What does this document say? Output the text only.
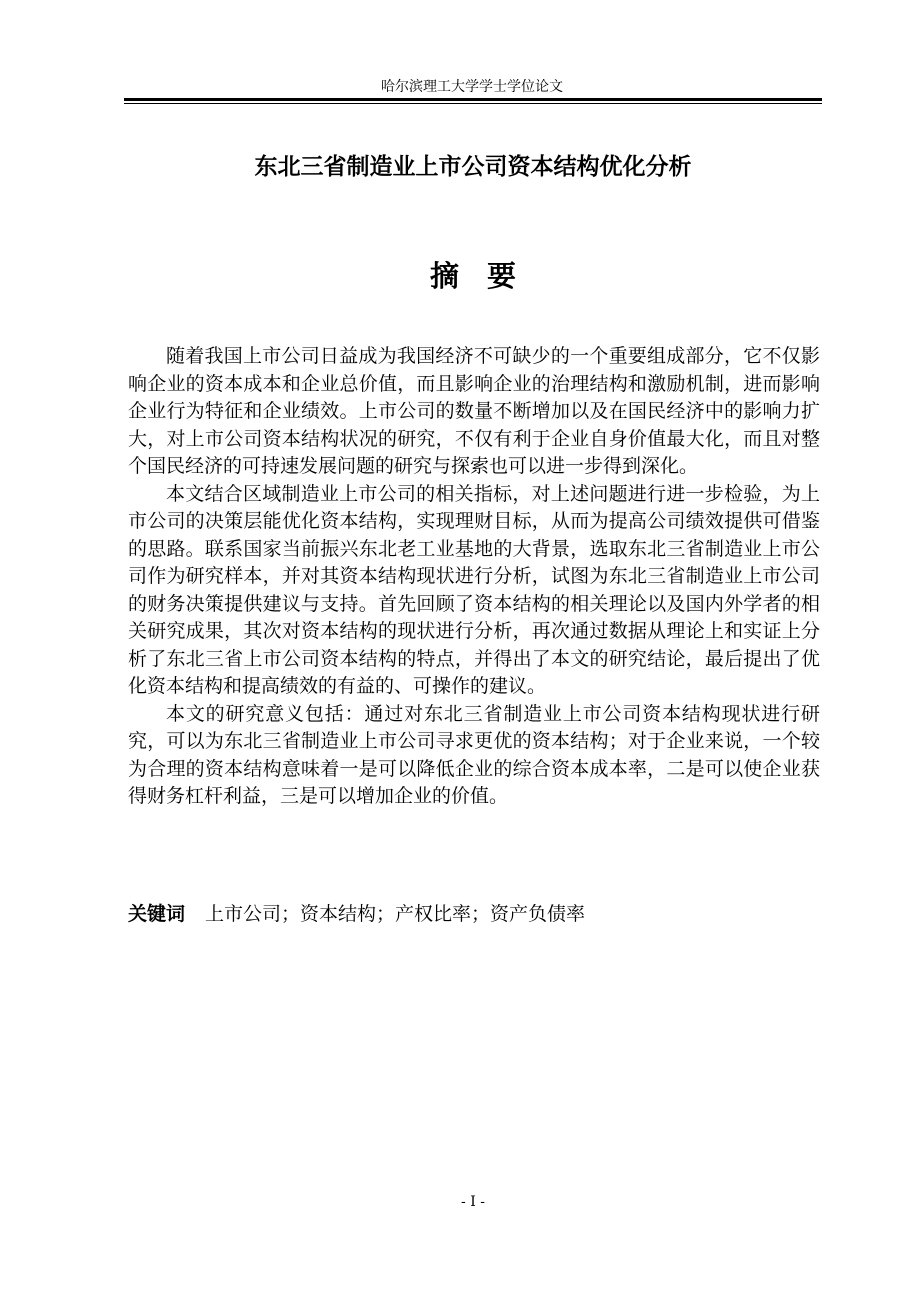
哈尔滨理工大学学士学位论文
东北三省制造业上市公司资本结构优化分析
摘要

随着我国上市公司日益成为我国经济不可缺少的一个重要组成部分，它不仅影响企业的资本成本和企业总价值，而且影响企业的治理结构和激励机制，进而影响企业行为特征和企业绩效。上市公司的数量不断增加以及在国民经济中的影响力扩大，对上市公司资本结构状况的研究，不仅有利于企业自身价值最大化，而且对整个国民经济的可持速发展问题的研究与探索也可以进一步得到深化。

本文结合区域制造业上市公司的相关指标，对上述问题进行进一步检验，为上市公司的决策层能优化资本结构，实现理财目标，从而为提高公司绩效提供可借鉴的思路。联系国家当前振兴东北老工业基地的大背景，选取东北三省制造业上市公司作为研究样本，并对其资本结构现状进行分析，试图为东北三省制造业上市公司的财务决策提供建议与支持。首先回顾了资本结构的相关理论以及国内外学者的相关研究成果，其次对资本结构的现状进行分析，再次通过数据从理论上和实证上分析了东北三省上市公司资本结构的特点，并得出了本文的研究结论，最后提出了优化资本结构和提高绩效的有益的、可操作的建议。

本文的研究意义包括：通过对东北三省制造业上市公司资本结构现状进行研究，可以为东北三省制造业上市公司寻求更优的资本结构；对于企业来说，一个较为合理的资本结构意味着一是可以降低企业的综合资本成本率，二是可以使企业获得财务杠杆利益，三是可以增加企业的价值。

关键词 上市公司；资本结构；产权比率；资产负债率

- I -
